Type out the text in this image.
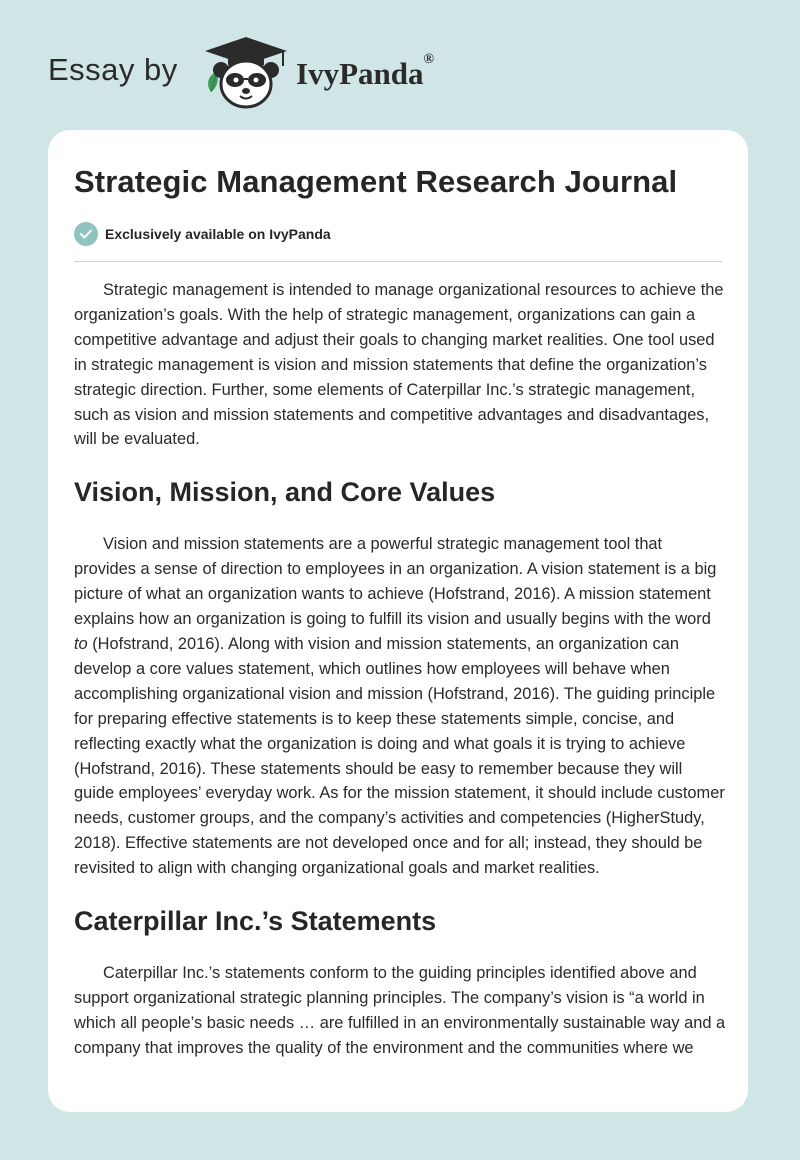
Essay by	IvyPanda®
Strategic Management Research Journal
Exclusively available on IvyPanda

Strategic management is intended to manage organizational resources to achieve the organization’s goals. With the help of strategic management, organizations can gain a competitive advantage and adjust their goals to changing market realities. One tool used in strategic management is vision and mission statements that define the organization’s strategic direction. Further, some elements of Caterpillar Inc.’s strategic management, such as vision and mission statements and competitive advantages and disadvantages, will be evaluated.

Vision, Mission, and Core Values

Vision and mission statements are a powerful strategic management tool that provides a sense of direction to employees in an organization. A vision statement is a big picture of what an organization wants to achieve (Hofstrand, 2016). A mission statement explains how an organization is going to fulfill its vision and usually begins with the word to (Hofstrand, 2016). Along with vision and mission statements, an organization can develop a core values statement, which outlines how employees will behave when accomplishing organizational vision and mission (Hofstrand, 2016). The guiding principle for preparing effective statements is to keep these statements simple, concise, and reflecting exactly what the organization is doing and what goals it is trying to achieve (Hofstrand, 2016). These statements should be easy to remember because they will guide employees’ everyday work. As for the mission statement, it should include customer needs, customer groups, and the company’s activities and competencies (HigherStudy, 2018). Effective statements are not developed once and for all; instead, they should be revisited to align with changing organizational goals and market realities.

Caterpillar Inc.’s Statements

Caterpillar Inc.’s statements conform to the guiding principles identified above and support organizational strategic planning principles. The company’s vision is “a world in which all people’s basic needs … are fulfilled in an environmentally sustainable way and a company that improves the quality of the environment and the communities where we
